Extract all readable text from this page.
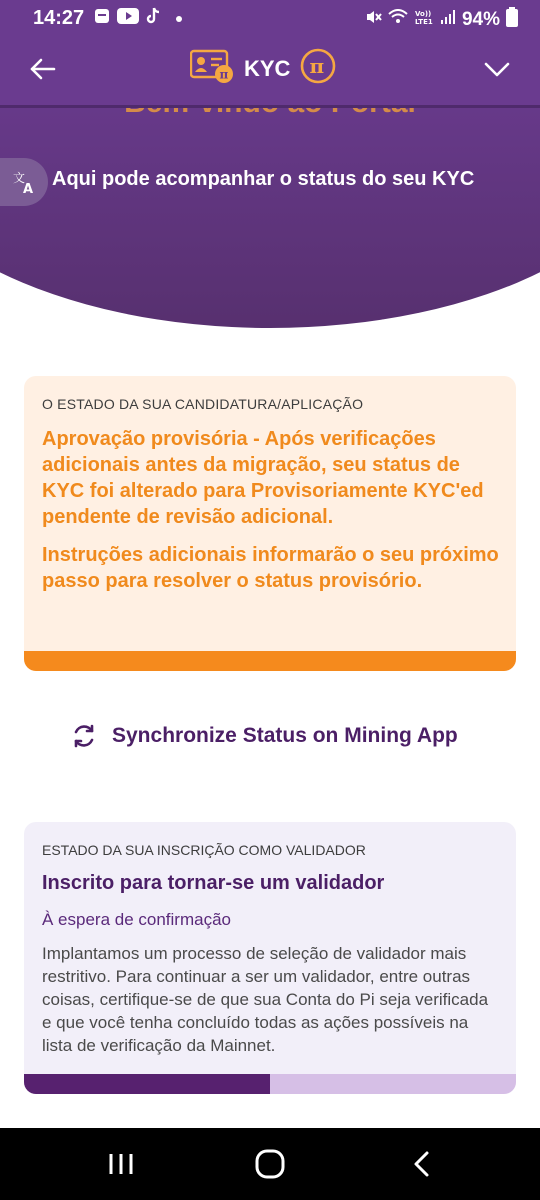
14:27	Vo))
LTE1 94%
文
A Aqui pode acompanhar o status do seu KYC
π KYC π
O ESTADO DA SUA CANDIDATURA/APLICAÇÃO
Aprovação provisória - Após verificações adicionais antes da migração, seu status de KYC foi alterado para Provisoriamente KYC'ed pendente de revisão adicional.
Instruções adicionais informarão o seu próximo passo para resolver o status provisório.
Synchronize Status on Mining App
ESTADO DA SUA INSCRIÇÃO COMO VALIDADOR
Inscrito para tornar-se um validador
À espera de confirmação
Implantamos um processo de seleção de validador mais restritivo. Para continuar a ser um validador, entre outras coisas, certifique-se de que sua Conta do Pi seja verificada e que você tenha concluído todas as ações possíveis na lista de verificação da Mainnet.
